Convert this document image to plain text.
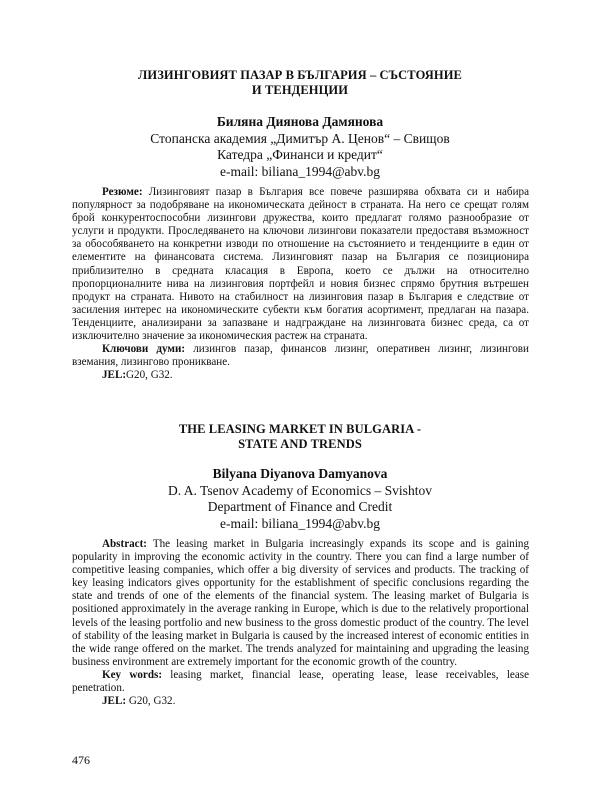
ЛИЗИНГОВИЯТ ПАЗАР В БЪЛГАРИЯ – СЪСТОЯНИЕ
И ТЕНДЕНЦИИ
Биляна Диянова Дамянова
Стопанска академия „Димитър А. Ценов“ – Свищов
Катедра „Финанси и кредит“
e-mail: biliana_1994@abv.bg

Резюме: Лизинговият пазар в България все повече разширява обхвата си и набира популярност за подобряване на икономическата дейност в страната. На него се срещат голям брой конкурентоспособни лизингови дружества, които предлагат голямо разнообразие от услуги и продукти. Проследяването на ключови лизингови показатели предоставя възможност за обособяването на конкретни изводи по отношение на състоянието и тенденциите в един от елементите на финансовата система. Лизинговият пазар на България се позиционира приблизително в средната класация в Европа, което се дължи на относително пропорционалните нива на лизинговия портфейл и новия бизнес спрямо брутния вътрешен продукт на страната. Нивото на стабилност на лизинговия пазар в България е следствие от засиления интерес на икономическите субекти към богатия асортимент, предлаган на пазара. Тенденциите, анализирани за запазване и надграждане на лизинговата бизнес среда, са от изключително значение за икономическия растеж на страната.

Ключови думи: лизингов пазар, финансов лизинг, оперативен лизинг, лизингови вземания, лизингово проникване.

JEL:G20, G32.

THE LEASING MARKET IN BULGARIA -
STATE AND TRENDS
Bilyana Diyanova Damyanova
D. A. Tsenov Academy of Economics – Svishtov
Department of Finance and Credit
e-mail: biliana_1994@abv.bg

Abstract: The leasing market in Bulgaria increasingly expands its scope and is gaining popularity in improving the economic activity in the country. There you can find a large number of competitive leasing companies, which offer a big diversity of services and products. The tracking of key leasing indicators gives opportunity for the establishment of specific conclusions regarding the state and trends of one of the elements of the financial system. The leasing market of Bulgaria is positioned approximately in the average ranking in Europe, which is due to the relatively proportional levels of the leasing portfolio and new business to the gross domestic product of the country. The level of stability of the leasing market in Bulgaria is caused by the increased interest of economic entities in the wide range offered on the market. The trends analyzed for maintaining and upgrading the leasing business environment are extremely important for the economic growth of the country.

Key words: leasing market, financial lease, operating lease, lease receivables, lease penetration.

JEL: G20, G32.

476
